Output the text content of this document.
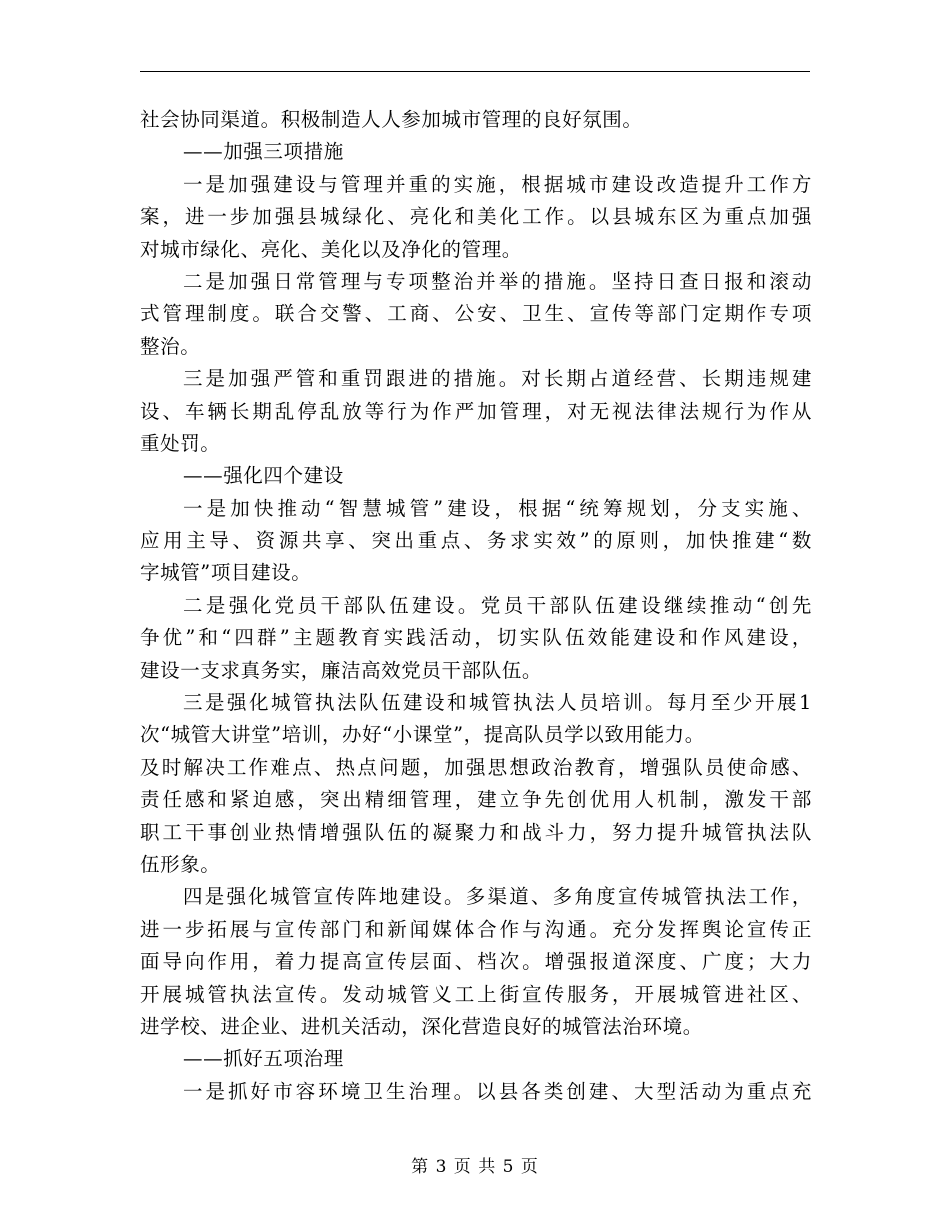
社会协同渠道。积极制造人人参加城市管理的良好氛围。
——加强三项措施
一是加强建设与管理并重的实施，根据城市建设改造提升工作方
案，进一步加强县城绿化、亮化和美化工作。以县城东区为重点加强
对城市绿化、亮化、美化以及净化的管理。
二是加强日常管理与专项整治并举的措施。坚持日查日报和滚动
式管理制度。联合交警、工商、公安、卫生、宣传等部门定期作专项
整治。
三是加强严管和重罚跟进的措施。对长期占道经营、长期违规建
设、车辆长期乱停乱放等行为作严加管理，对无视法律法规行为作从
重处罚。
——强化四个建设
一是加快推动“智慧城管”建设，根据“统筹规划，分支实施、
应用主导、资源共享、突出重点、务求实效”的原则，加快推建“数
字城管”项目建设。
二是强化党员干部队伍建设。党员干部队伍建设继续推动“创先
争优”和“四群”主题教育实践活动，切实队伍效能建设和作风建设，
建设一支求真务实，廉洁高效党员干部队伍。
三是强化城管执法队伍建设和城管执法人员培训。每月至少开展1
次“城管大讲堂”培训，办好“小课堂”，提高队员学以致用能力。
及时解决工作难点、热点问题，加强思想政治教育，增强队员使命感、
责任感和紧迫感，突出精细管理，建立争先创优用人机制，激发干部
职工干事创业热情增强队伍的凝聚力和战斗力，努力提升城管执法队
伍形象。
四是强化城管宣传阵地建设。多渠道、多角度宣传城管执法工作，
进一步拓展与宣传部门和新闻媒体合作与沟通。充分发挥舆论宣传正
面导向作用，着力提高宣传层面、档次。增强报道深度、广度；大力
开展城管执法宣传。发动城管义工上街宣传服务，开展城管进社区、
进学校、进企业、进机关活动，深化营造良好的城管法治环境。
——抓好五项治理
一是抓好市容环境卫生治理。以县各类创建、大型活动为重点充
第 3 页 共 5 页
